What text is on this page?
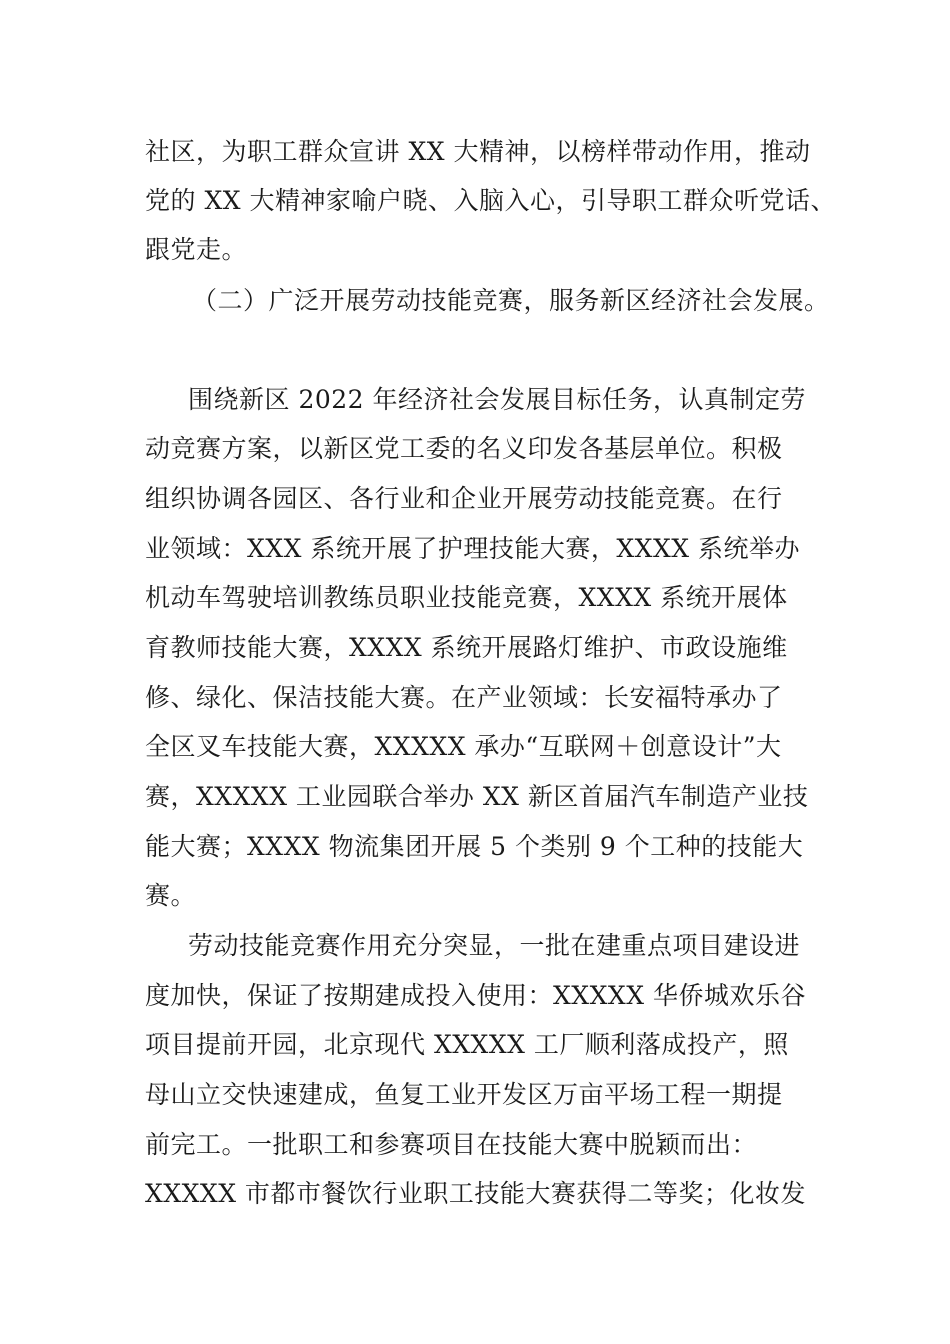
社区，为职工群众宣讲 XX 大精神，以榜样带动作用，推动
党的 XX 大精神家喻户晓、入脑入心，引导职工群众听党话、
跟党走。
（二）广泛开展劳动技能竞赛，服务新区经济社会发展。
围绕新区 2022 年经济社会发展目标任务，认真制定劳
动竞赛方案，以新区党工委的名义印发各基层单位。积极
组织协调各园区、各行业和企业开展劳动技能竞赛。在行
业领域：XXX 系统开展了护理技能大赛，XXXX 系统举办
机动车驾驶培训教练员职业技能竞赛，XXXX 系统开展体
育教师技能大赛，XXXX 系统开展路灯维护、市政设施维
修、绿化、保洁技能大赛。在产业领域：长安福特承办了
全区叉车技能大赛，XXXXX 承办“互联网＋创意设计”大
赛，XXXXX 工业园联合举办 XX 新区首届汽车制造产业技
能大赛；XXXX 物流集团开展 5 个类别 9 个工种的技能大
赛。
劳动技能竞赛作用充分突显，一批在建重点项目建设进
度加快，保证了按期建成投入使用：XXXXX 华侨城欢乐谷
项目提前开园，北京现代 XXXXX 工厂顺利落成投产，照
母山立交快速建成，鱼复工业开发区万亩平场工程一期提
前完工。一批职工和参赛项目在技能大赛中脱颖而出：
XXXXX 市都市餐饮行业职工技能大赛获得二等奖；化妆发
